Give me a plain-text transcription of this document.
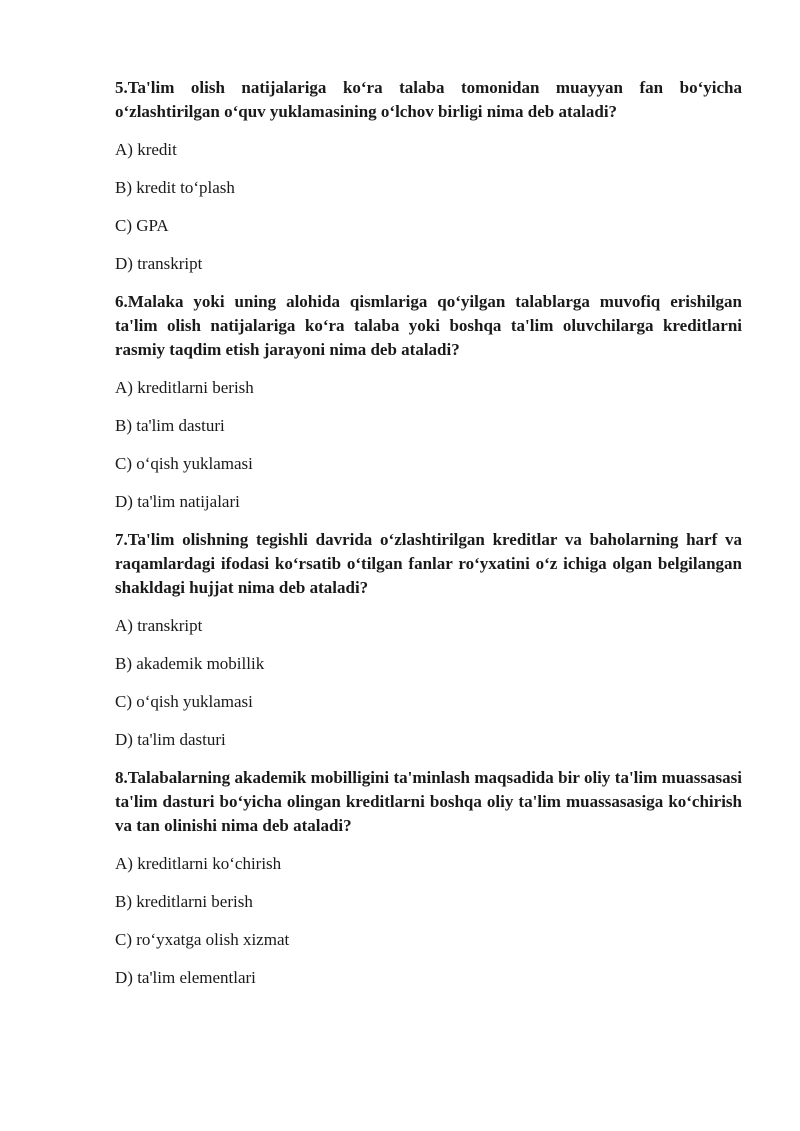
5.Ta'lim olish natijalariga ko‘ra talaba tomonidan muayyan fan bo‘yicha o‘zlashtirilgan o‘quv yuklamasining o‘lchov birligi nima deb ataladi?

A) kredit

B) kredit to‘plash

C) GPA

D) transkript

6.Malaka yoki uning alohida qismlariga qo‘yilgan talablarga muvofiq erishilgan ta'lim olish natijalariga ko‘ra talaba yoki boshqa ta'lim oluvchilarga kreditlarni rasmiy taqdim etish jarayoni nima deb ataladi?

A) kreditlarni berish

B) ta'lim dasturi

C) o‘qish yuklamasi

D) ta'lim natijalari

7.Ta'lim olishning tegishli davrida o‘zlashtirilgan kreditlar va baholarning harf va raqamlardagi ifodasi ko‘rsatib o‘tilgan fanlar ro‘yxatini o‘z ichiga olgan belgilangan shakldagi hujjat nima deb ataladi?

A) transkript

B) akademik mobillik

C) o‘qish yuklamasi

D) ta'lim dasturi

8.Talabalarning akademik mobilligini ta'minlash maqsadida bir oliy ta'lim muassasasi ta'lim dasturi bo‘yicha olingan kreditlarni boshqa oliy ta'lim muassasasiga ko‘chirish va tan olinishi nima deb ataladi?

A) kreditlarni ko‘chirish

B) kreditlarni berish

C) ro‘yxatga olish xizmat

D) ta'lim elementlari
